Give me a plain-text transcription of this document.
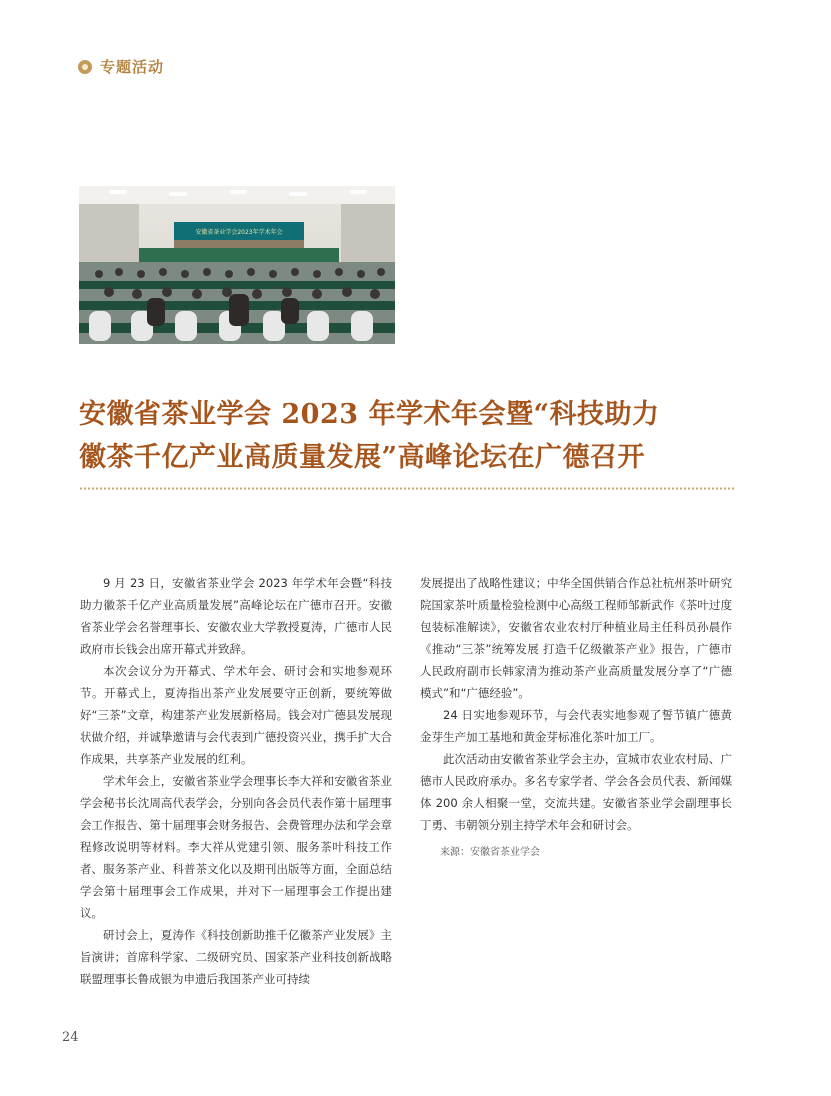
专题活动
安徽省茶业学会2023年学术年会
安徽省茶业学会 2023 年学术年会暨“科技助力
徽茶千亿产业高质量发展”高峰论坛在广德召开

9 月 23 日，安徽省茶业学会 2023 年学术年会暨“科技助力徽茶千亿产业高质量发展”高峰论坛在广德市召开。安徽省茶业学会名誉理事长、安徽农业大学教授夏涛，广德市人民政府市长钱会出席开幕式并致辞。

本次会议分为开幕式、学术年会、研讨会和实地参观环节。开幕式上，夏涛指出茶产业发展要守正创新，要统筹做好“三茶”文章，构建茶产业发展新格局。钱会对广德县发展现状做介绍，并诚挚邀请与会代表到广德投资兴业，携手扩大合作成果，共享茶产业发展的红利。

学术年会上，安徽省茶业学会理事长李大祥和安徽省茶业学会秘书长沈周高代表学会，分别向各会员代表作第十届理事会工作报告、第十届理事会财务报告、会费管理办法和学会章程修改说明等材料。李大祥从党建引领、服务茶叶科技工作者、服务茶产业、科普茶文化以及期刊出版等方面，全面总结学会第十届理事会工作成果，并对下一届理事会工作提出建议。

研讨会上，夏涛作《科技创新助推千亿徽茶产业发展》主旨演讲；首席科学家、二级研究员、国家茶产业科技创新战略联盟理事长鲁成银为申遗后我国茶产业可持续

发展提出了战略性建议；中华全国供销合作总社杭州茶叶研究院国家茶叶质量检验检测中心高级工程师邹新武作《茶叶过度包装标准解读》，安徽省农业农村厅种植业局主任科员孙晨作《推动“三茶”统筹发展 打造千亿级徽茶产业》报告，广德市人民政府副市长韩家清为推动茶产业高质量发展分享了“广德模式”和“广德经验”。

24 日实地参观环节，与会代表实地参观了誓节镇广德黄金芽生产加工基地和黄金芽标准化茶叶加工厂。

此次活动由安徽省茶业学会主办，宣城市农业农村局、广德市人民政府承办。多名专家学者、学会各会员代表、新闻媒体 200 余人相聚一堂，交流共建。安徽省茶业学会副理事长丁勇、韦朝领分别主持学术年会和研讨会。

来源：安徽省茶业学会
24
